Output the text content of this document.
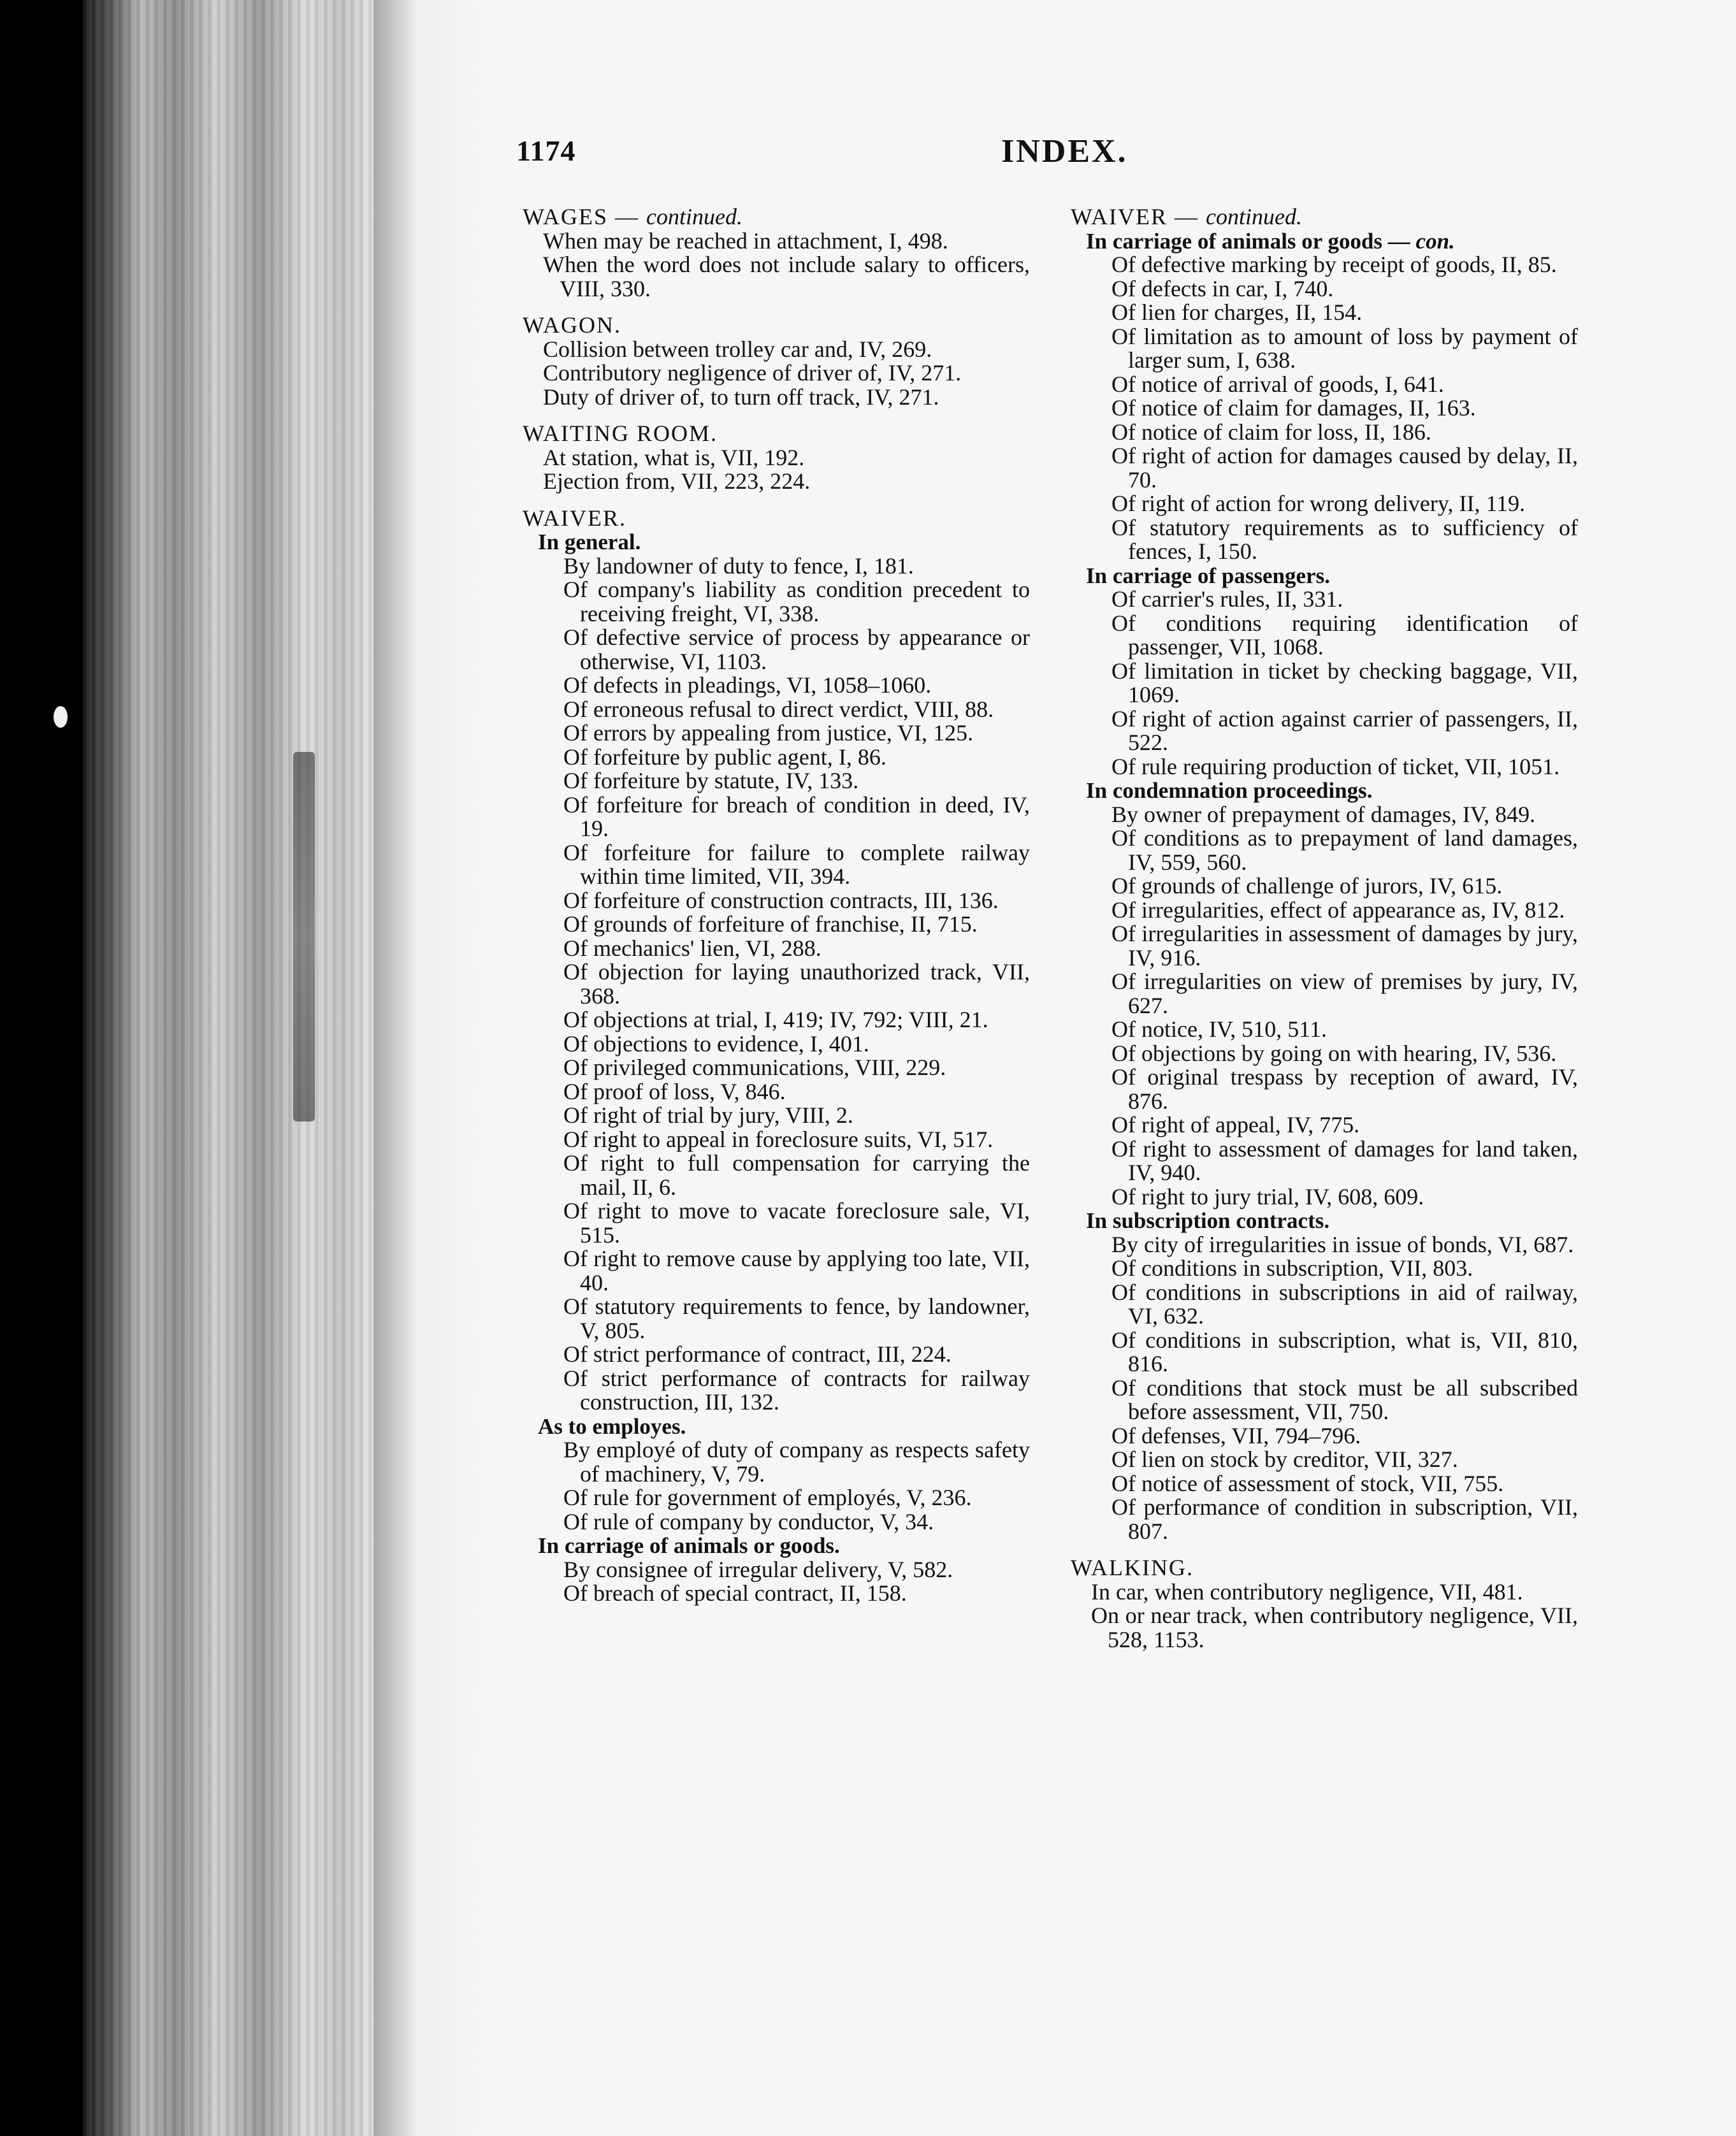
1174	INDEX.
WAGES — continued.
When may be reached in attachment, I, 498.
When the word does not include salary to officers, VIII, 330.
WAGON.
Collision between trolley car and, IV, 269.
Contributory negligence of driver of, IV, 271.
Duty of driver of, to turn off track, IV, 271.
WAITING ROOM.
At station, what is, VII, 192.
Ejection from, VII, 223, 224.
WAIVER.
In general.
By landowner of duty to fence, I, 181.
Of company's liability as condition precedent to receiving freight, VI, 338.
Of defective service of process by appearance or otherwise, VI, 1103.
Of defects in pleadings, VI, 1058–1060.
Of erroneous refusal to direct verdict, VIII, 88.
Of errors by appealing from justice, VI, 125.
Of forfeiture by public agent, I, 86.
Of forfeiture by statute, IV, 133.
Of forfeiture for breach of condition in deed, IV, 19.
Of forfeiture for failure to complete railway within time limited, VII, 394.
Of forfeiture of construction contracts, III, 136.
Of grounds of forfeiture of franchise, II, 715.
Of mechanics' lien, VI, 288.
Of objection for laying unauthorized track, VII, 368.
Of objections at trial, I, 419; IV, 792; VIII, 21.
Of objections to evidence, I, 401.
Of privileged communications, VIII, 229.
Of proof of loss, V, 846.
Of right of trial by jury, VIII, 2.
Of right to appeal in foreclosure suits, VI, 517.
Of right to full compensation for carrying the mail, II, 6.
Of right to move to vacate foreclosure sale, VI, 515.
Of right to remove cause by applying too late, VII, 40.
Of statutory requirements to fence, by landowner, V, 805.
Of strict performance of contract, III, 224.
Of strict performance of contracts for railway construction, III, 132.
As to employes.
By employé of duty of company as respects safety of machinery, V, 79.
Of rule for government of employés, V, 236.
Of rule of company by conductor, V, 34.
In carriage of animals or goods.
By consignee of irregular delivery, V, 582.
Of breach of special contract, II, 158.
WAIVER — continued.
In carriage of animals or goods — con.
Of defective marking by receipt of goods, II, 85.
Of defects in car, I, 740.
Of lien for charges, II, 154.
Of limitation as to amount of loss by payment of larger sum, I, 638.
Of notice of arrival of goods, I, 641.
Of notice of claim for damages, II, 163.
Of notice of claim for loss, II, 186.
Of right of action for damages caused by delay, II, 70.
Of right of action for wrong delivery, II, 119.
Of statutory requirements as to sufficiency of fences, I, 150.
In carriage of passengers.
Of carrier's rules, II, 331.
Of conditions requiring identification of passenger, VII, 1068.
Of limitation in ticket by checking baggage, VII, 1069.
Of right of action against carrier of passengers, II, 522.
Of rule requiring production of ticket, VII, 1051.
In condemnation proceedings.
By owner of prepayment of damages, IV, 849.
Of conditions as to prepayment of land damages, IV, 559, 560.
Of grounds of challenge of jurors, IV, 615.
Of irregularities, effect of appearance as, IV, 812.
Of irregularities in assessment of damages by jury, IV, 916.
Of irregularities on view of premises by jury, IV, 627.
Of notice, IV, 510, 511.
Of objections by going on with hearing, IV, 536.
Of original trespass by reception of award, IV, 876.
Of right of appeal, IV, 775.
Of right to assessment of damages for land taken, IV, 940.
Of right to jury trial, IV, 608, 609.
In subscription contracts.
By city of irregularities in issue of bonds, VI, 687.
Of conditions in subscription, VII, 803.
Of conditions in subscriptions in aid of railway, VI, 632.
Of conditions in subscription, what is, VII, 810, 816.
Of conditions that stock must be all subscribed before assessment, VII, 750.
Of defenses, VII, 794–796.
Of lien on stock by creditor, VII, 327.
Of notice of assessment of stock, VII, 755.
Of performance of condition in subscription, VII, 807.
WALKING.
In car, when contributory negligence, VII, 481.
On or near track, when contributory negligence, VII, 528, 1153.
